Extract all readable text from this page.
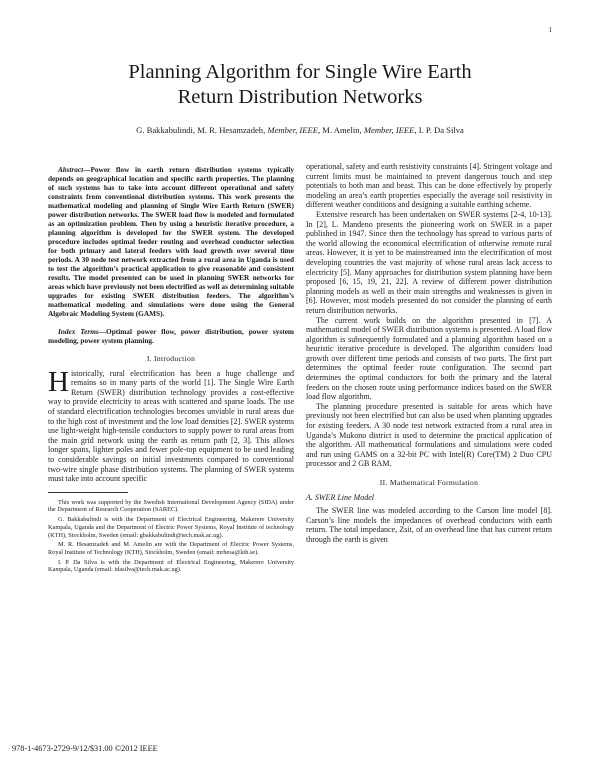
1
Planning Algorithm for Single Wire Earth
Return Distribution Networks
G. Bakkabulindi, M. R. Hesamzadeh, Member, IEEE, M. Amelin, Member, IEEE, I. P. Da Silva

Abstract—Power flow in earth return distribution systems typically depends on geographical location and specific earth properties. The planning of such systems has to take into account different operational and safety constraints from conventional distribution systems. This work presents the mathematical modeling and planning of Single Wire Earth Return (SWER) power distribution networks. The SWER load flow is modeled and formulated as an optimization problem. Then by using a heuristic iterative procedure, a planning algorithm is developed for the SWER system. The developed procedure includes optimal feeder routing and overhead conductor selection for both primary and lateral feeders with load growth over several time periods. A 30 node test network extracted from a rural area in Uganda is used to test the algorithm’s practical application to give reasonable and consistent results. The model presented can be used in planning SWER networks for areas which have previously not been electrified as well as determining suitable upgrades for existing SWER distribution feeders. The algorithm’s mathematical modeling and simulations were done using the General Algebraic Modeling System (GAMS).

Index Terms—Optimal power flow, power distribution, power system modeling, power system planning.

I. Introduction

Historically, rural electrification has been a huge challenge and remains so in many parts of the world [1]. The Single Wire Earth Return (SWER) distribution technology provides a cost-effective way to provide electricity to areas with scattered and sparse loads. The use of standard electrification technologies becomes unviable in rural areas due to the high cost of investment and the low load densities [2]. SWER systems use light-weight high-tensile conductors to supply power to rural areas from the main grid network using the earth as return path [2, 3]. This allows longer spans, lighter poles and fewer pole-top equipment to be used leading to considerable savings on initial investments compared to conventional two-wire single phase distribution systems. The planning of SWER systems must take into account specific

This work was supported by the Swedish International Development Agency (SIDA) under the Department of Research Cooperation (SAREC).

G. Bakkabulindi is with the Department of Electrical Engineering, Makerere University Kampala, Uganda and the Department of Electric Power Systems, Royal Institute of technology (KTH), Stockholm, Sweden (email: gbakkabulindi@tech.mak.ac.ug).

M. R. Hesamzadeh and M. Amelin are with the Department of Electric Power Systems, Royal Institute of Technology (KTH), Stockholm, Sweden (email: mrhesa@kth.se).

I. P. Da Silva is with the Department of Electrical Engineering, Makerere University Kampala, Uganda (email: idasilva@tech.mak.ac.ug).

operational, safety and earth resistivity constraints [4]. Stringent voltage and current limits must be maintained to prevent dangerous touch and step potentials to both man and beast. This can be done effectively by properly modeling an area’s earth properties especially the average soil resistivity in different weather conditions and designing a suitable earthing scheme.

Extensive research has been undertaken on SWER systems [2-4, 10-13]. In [2], L. Mandeno presents the pioneering work on SWER in a paper published in 1947. Since then the technology has spread to various parts of the world allowing the economical electrification of otherwise remote rural areas. However, it is yet to be mainstreamed into the electrification of most developing countries the vast majority of whose rural areas lack access to electricity [5]. Many approaches for distribution system planning have been proposed [6, 15, 19, 21, 22]. A review of different power distribution planning models as well as their main strengths and weaknesses is given in [6]. However, most models presented do not consider the planning of earth return distribution networks.

The current work builds on the algorithm presented in [7]. A mathematical model of SWER distribution systems is presented. A load flow algorithm is subsequently formulated and a planning algorithm based on a heuristic iterative procedure is developed. The algorithm considers load growth over different time periods and consists of two parts. The first part determines the optimal feeder route configuration. The second part determines the optimal conductors for both the primary and the lateral feeders on the chosen route using performance indices based on the SWER load flow algorithm.

The planning procedure presented is suitable for areas which have previously not been electrified but can also be used when planning upgrades for existing feeders. A 30 node test network extracted from a rural area in Uganda’s Mukono district is used to determine the practical application of the algorithm. All mathematical formulations and simulations were coded and run using GAMS on a 32-bit PC with Intel(R) Core(TM) 2 Duo CPU processor and 2 GB RAM.

II. Mathematical Formulation
A. SWER Line Model

The SWER line was modeled according to the Carson line model [8]. Carson’s line models the impedances of overhead conductors with earth return. The total impedance, Zsit, of an overhead line that has current return through the earth is given

978-1-4673-2729-9/12/$31.00 ©2012 IEEE
